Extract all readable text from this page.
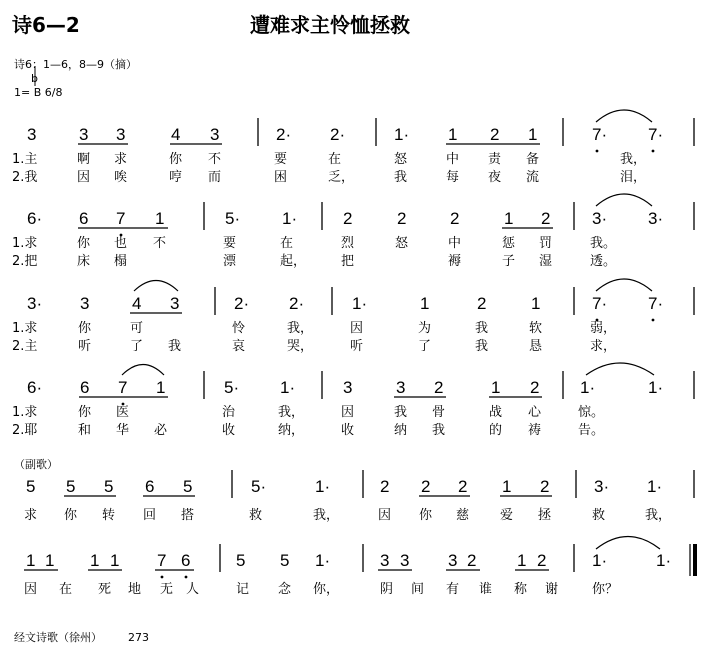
诗6—2	遭难求主怜恤拯救
诗6：1—6，8—9（摘）
b
1= B 6/8
3	3 3	4 3	2· 2·	1· 1 2 1	7· 7·
1.主	啊 求	你 不	要	在	怒	中 责 备	我，
2.我	因 唉	哼 而	困	乏，	我	每 夜 流	泪，
6· 6 7 1	5· 1·	2	2	2	1 2 3· 3·
1.求	你 也 不	要	在	烈	怒	中	惩 罚	我。
2.把	床 榻	漂	起，	把	褥	子 湿	透。
3· 3	4 3	2· 2·	1·	1	2	1	7· 7·
1.求	你	可	怜	我，	因	为	我	软	弱，
2.主	听	了 我	哀	哭，	听	了	我	恳	求，
6· 6 7 1	5· 1·	3	3 2	1 2 1·	1·
1.求	你 医	治	我，	因	我 骨	战 心	惊。
2.耶	和 华 必	收	纳，	收	纳 我	的 祷	告。
（副歌）
5 5 5 6 5	5·	1·	2 2 2 1 2	3· 1·
求 你 转 回 搭	救	我，	因 你 慈 爱 拯	救	我，
1 1 1 1 7 6	5 5 1·	3 3 3 2 1 2	1·	1·
因 在 死 地 无 人	记 念 你，	阴 间 有 谁 称 谢	你？
经文诗歌（徐州） 273
